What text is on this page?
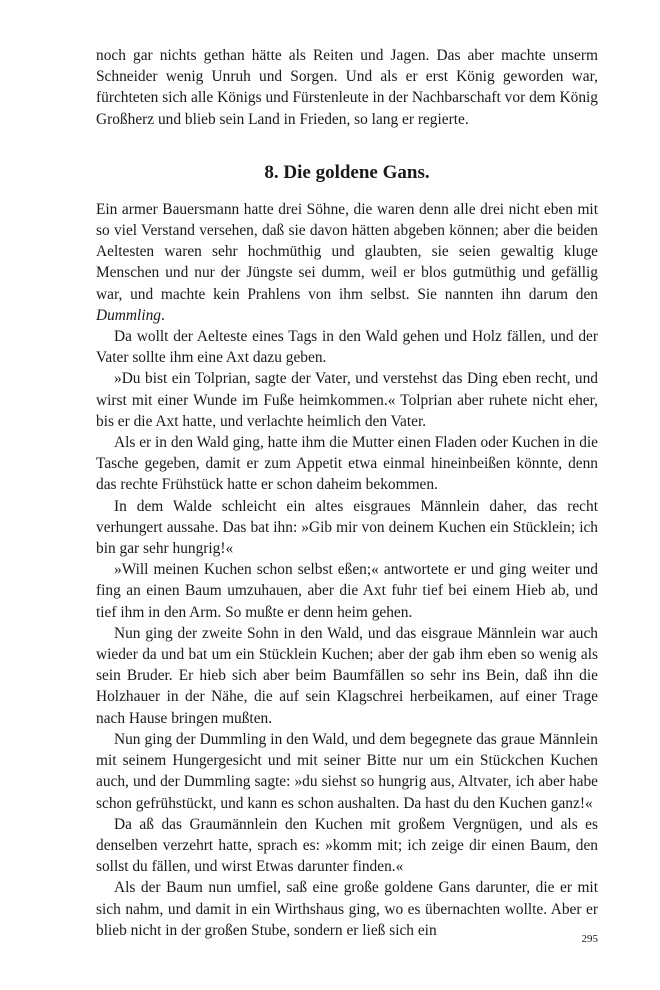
noch gar nichts gethan hätte als Reiten und Jagen. Das aber machte unserm Schneider wenig Unruh und Sorgen. Und als er erst König geworden war, fürchteten sich alle Königs und Fürstenleute in der Nachbarschaft vor dem König Großherz und blieb sein Land in Frieden, so lang er regierte.

8. Die goldene Gans.

Ein armer Bauersmann hatte drei Söhne, die waren denn alle drei nicht eben mit so viel Verstand versehen, daß sie davon hätten abgeben können; aber die beiden Aeltesten waren sehr hochmüthig und glaubten, sie seien gewaltig kluge Menschen und nur der Jüngste sei dumm, weil er blos gutmüthig und gefällig war, und machte kein Prahlens von ihm selbst. Sie nannten ihn darum den Dummling.

Da wollt der Aelteste eines Tags in den Wald gehen und Holz fällen, und der Vater sollte ihm eine Axt dazu geben.

»Du bist ein Tolprian, sagte der Vater, und verstehst das Ding eben recht, und wirst mit einer Wunde im Fuße heimkommen.« Tolprian aber ruhete nicht eher, bis er die Axt hatte, und verlachte heimlich den Vater.

Als er in den Wald ging, hatte ihm die Mutter einen Fladen oder Kuchen in die Tasche gegeben, damit er zum Appetit etwa einmal hineinbeißen könnte, denn das rechte Frühstück hatte er schon daheim bekommen.

In dem Walde schleicht ein altes eisgraues Männlein daher, das recht verhungert aussahe. Das bat ihn: »Gib mir von deinem Kuchen ein Stücklein; ich bin gar sehr hungrig!«

»Will meinen Kuchen schon selbst eßen;« antwortete er und ging weiter und fing an einen Baum umzuhauen, aber die Axt fuhr tief bei einem Hieb ab, und tief ihm in den Arm. So mußte er denn heim gehen.

Nun ging der zweite Sohn in den Wald, und das eisgraue Männlein war auch wieder da und bat um ein Stücklein Kuchen; aber der gab ihm eben so wenig als sein Bruder. Er hieb sich aber beim Baumfällen so sehr ins Bein, daß ihn die Holzhauer in der Nähe, die auf sein Klagschrei herbeikamen, auf einer Trage nach Hause bringen mußten.

Nun ging der Dummling in den Wald, und dem begegnete das graue Männlein mit seinem Hungergesicht und mit seiner Bitte nur um ein Stückchen Kuchen auch, und der Dummling sagte: »du siehst so hungrig aus, Altvater, ich aber habe schon gefrühstückt, und kann es schon aushalten. Da hast du den Kuchen ganz!«

Da aß das Graumännlein den Kuchen mit großem Vergnügen, und als es denselben verzehrt hatte, sprach es: »komm mit; ich zeige dir einen Baum, den sollst du fällen, und wirst Etwas darunter finden.«

Als der Baum nun umfiel, saß eine große goldene Gans darunter, die er mit sich nahm, und damit in ein Wirthshaus ging, wo es übernachten wollte. Aber er blieb nicht in der großen Stube, sondern er ließ sich ein

295
